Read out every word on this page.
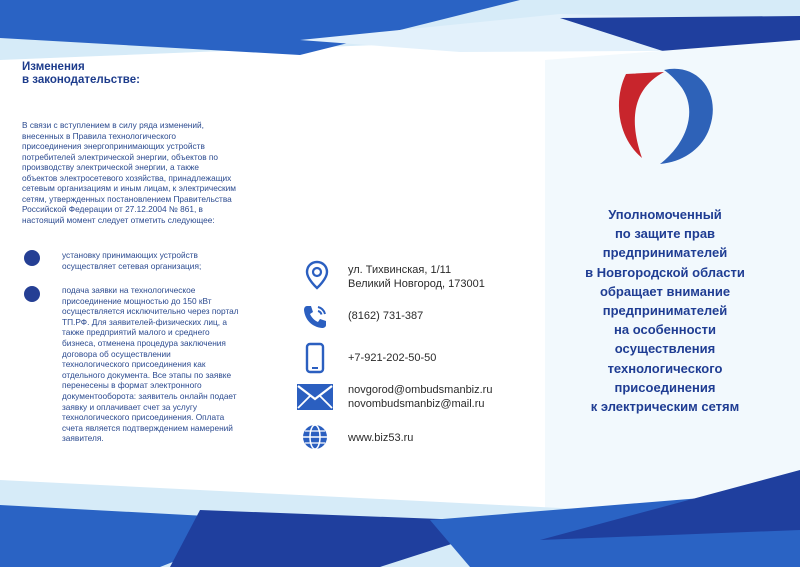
Изменения
в законодательстве:
В связи с вступлением в силу ряда изменений,
внесенных в Правила технологического
присоединения энергопринимающих устройств
потребителей электрической энергии, объектов по
производству электрической энергии, а также
объектов электросетевого хозяйства, принадлежащих
сетевым организациям и иным лицам, к электрическим
сетям, утвержденных постановлением Правительства
Российской Федерации от 27.12.2004 № 861, в
настоящий момент следует отметить следующее:
установку принимающих устройств
осуществляет сетевая организация;
подача заявки на технологическое
присоединение мощностью до 150 кВт
осуществляется исключительно через портал
ТП.РФ. Для заявителей-физических лиц, а
также предприятий малого и среднего
бизнеса, отменена процедура заключения
договора об осуществлении
технологического присоединения как
отдельного документа. Все этапы по заявке
перенесены в формат электронного
документооборота: заявитель онлайн подает
заявку и оплачивает счет за услугу
технологического присоединения. Оплата
счета является подтверждением намерений
заявителя.
ул. Тихвинская, 1/11
Великий Новгород, 173001
(8162) 731-387
+7-921-202-50-50
novgorod@ombudsmanbiz.ru
novombudsmanbiz@mail.ru
www.biz53.ru
Уполномоченный
по защите прав
предпринимателей
в Новгородской области
обращает внимание
предпринимателей
на особенности
осуществления
технологического
присоединения
к электрическим сетям
